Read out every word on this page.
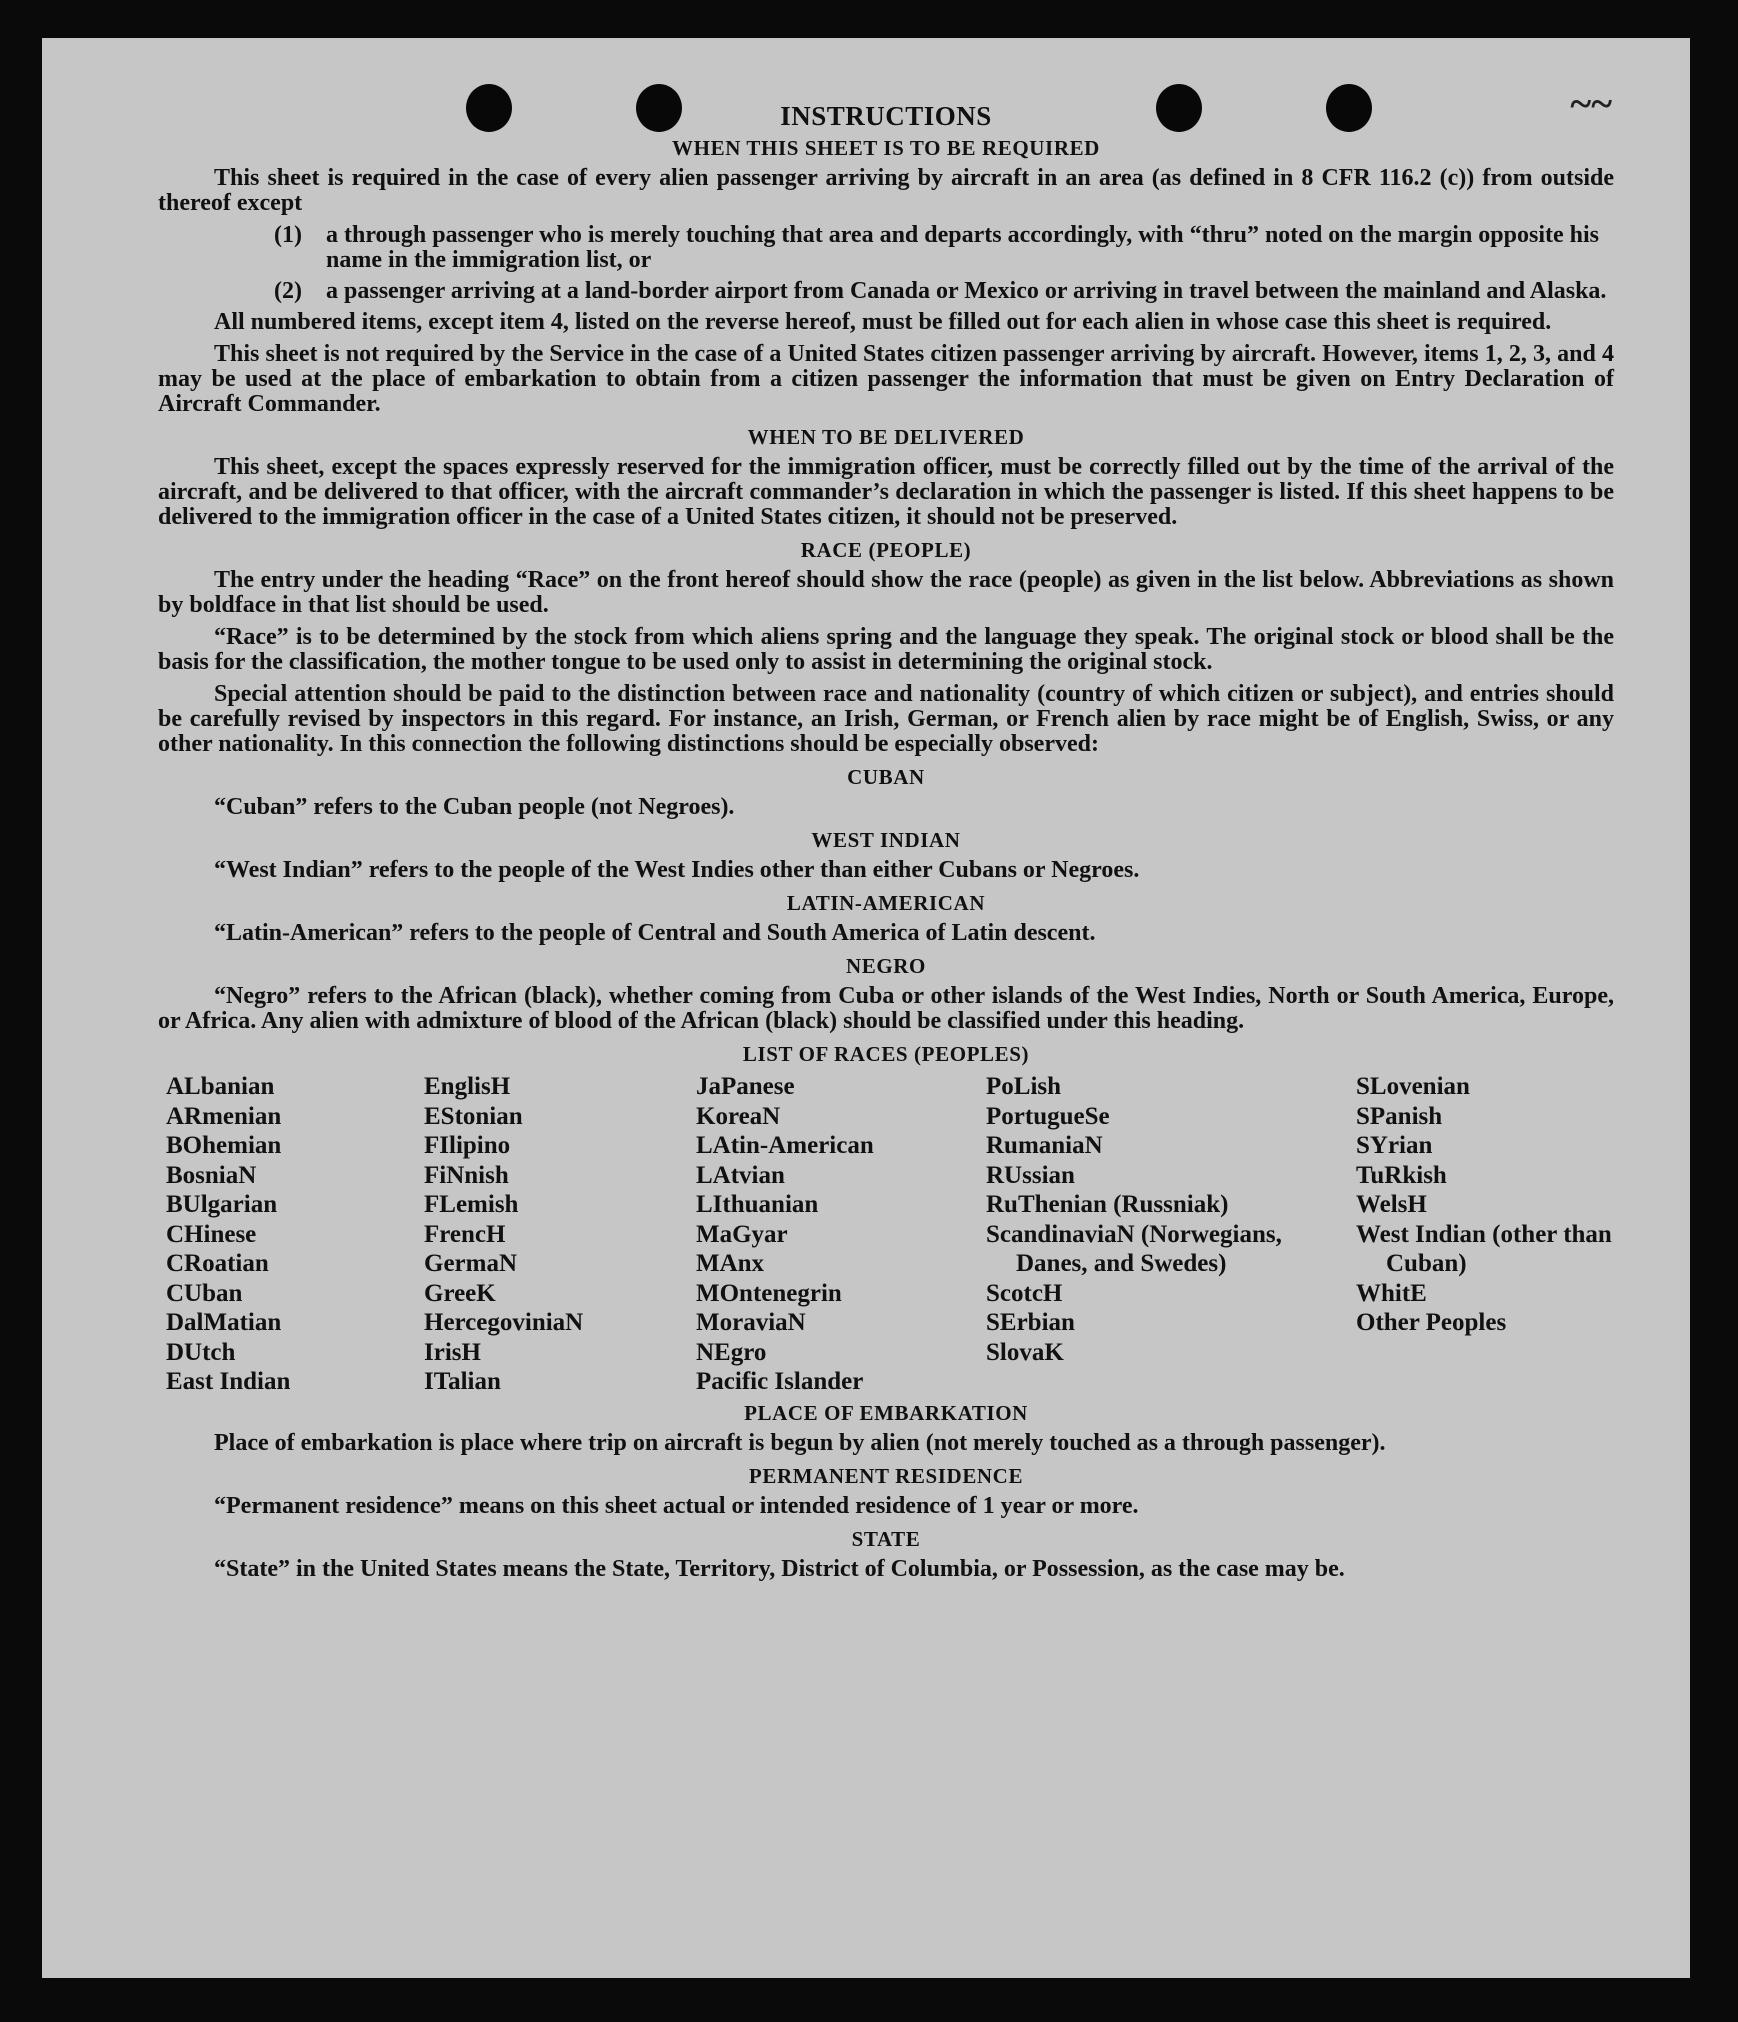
~~
INSTRUCTIONS
WHEN THIS SHEET IS TO BE REQUIRED

This sheet is required in the case of every alien passenger arriving by aircraft in an area (as defined in 8 CFR 116.2 (c)) from outside thereof except

(1)	a through passenger who is merely touching that area and departs accordingly, with “thru” noted on the margin opposite his name in the immigration list, or
(2)	a passenger arriving at a land-border airport from Canada or Mexico or arriving in travel between the mainland and Alaska.

All numbered items, except item 4, listed on the reverse hereof, must be filled out for each alien in whose case this sheet is required.

This sheet is not required by the Service in the case of a United States citizen passenger arriving by aircraft. However, items 1, 2, 3, and 4 may be used at the place of embarkation to obtain from a citizen passenger the information that must be given on Entry Declaration of Aircraft Commander.

WHEN TO BE DELIVERED

This sheet, except the spaces expressly reserved for the immigration officer, must be correctly filled out by the time of the arrival of the aircraft, and be delivered to that officer, with the aircraft commander’s declaration in which the passenger is listed. If this sheet happens to be delivered to the immigration officer in the case of a United States citizen, it should not be preserved.

RACE (PEOPLE)

The entry under the heading “Race” on the front hereof should show the race (people) as given in the list below. Abbreviations as shown by boldface in that list should be used.

“Race” is to be determined by the stock from which aliens spring and the language they speak. The original stock or blood shall be the basis for the classification, the mother tongue to be used only to assist in determining the original stock.

Special attention should be paid to the distinction between race and nationality (country of which citizen or subject), and entries should be carefully revised by inspectors in this regard. For instance, an Irish, German, or French alien by race might be of English, Swiss, or any other nationality. In this connection the following distinctions should be especially observed:

CUBAN

“Cuban” refers to the Cuban people (not Negroes).

WEST INDIAN

“West Indian” refers to the people of the West Indies other than either Cubans or Negroes.

LATIN-AMERICAN

“Latin-American” refers to the people of Central and South America of Latin descent.

NEGRO

“Negro” refers to the African (black), whether coming from Cuba or other islands of the West Indies, North or South America, Europe, or Africa. Any alien with admixture of blood of the African (black) should be classified under this heading.

LIST OF RACES (PEOPLES)
ALbanian
ARmenian
BOhemian
BosniaN
BUlgarian
CHinese
CRoatian
CUban
DalMatian
DUtch
East Indian
EnglisH
EStonian
FIlipino
FiNnish
FLemish
FrencH
GermaN
GreeK
HercegoviniaN
IrisH
ITalian
JaPanese
KoreaN
LAtin-American
LAtvian
LIthuanian
MaGyar
MAnx
MOntenegrin
MoraviaN
NEgro
Pacific Islander
PoLish
PortugueSe
RumaniaN
RUssian
RuThenian (Russniak)
ScandinaviaN (Norwegians, Danes, and Swedes)
ScotcH
SErbian
SlovaK
SLovenian
SPanish
SYrian
TuRkish
WelsH
West Indian (other than Cuban)
WhitE
Other Peoples
PLACE OF EMBARKATION

Place of embarkation is place where trip on aircraft is begun by alien (not merely touched as a through passenger).

PERMANENT RESIDENCE

“Permanent residence” means on this sheet actual or intended residence of 1 year or more.

STATE

“State” in the United States means the State, Territory, District of Columbia, or Possession, as the case may be.
